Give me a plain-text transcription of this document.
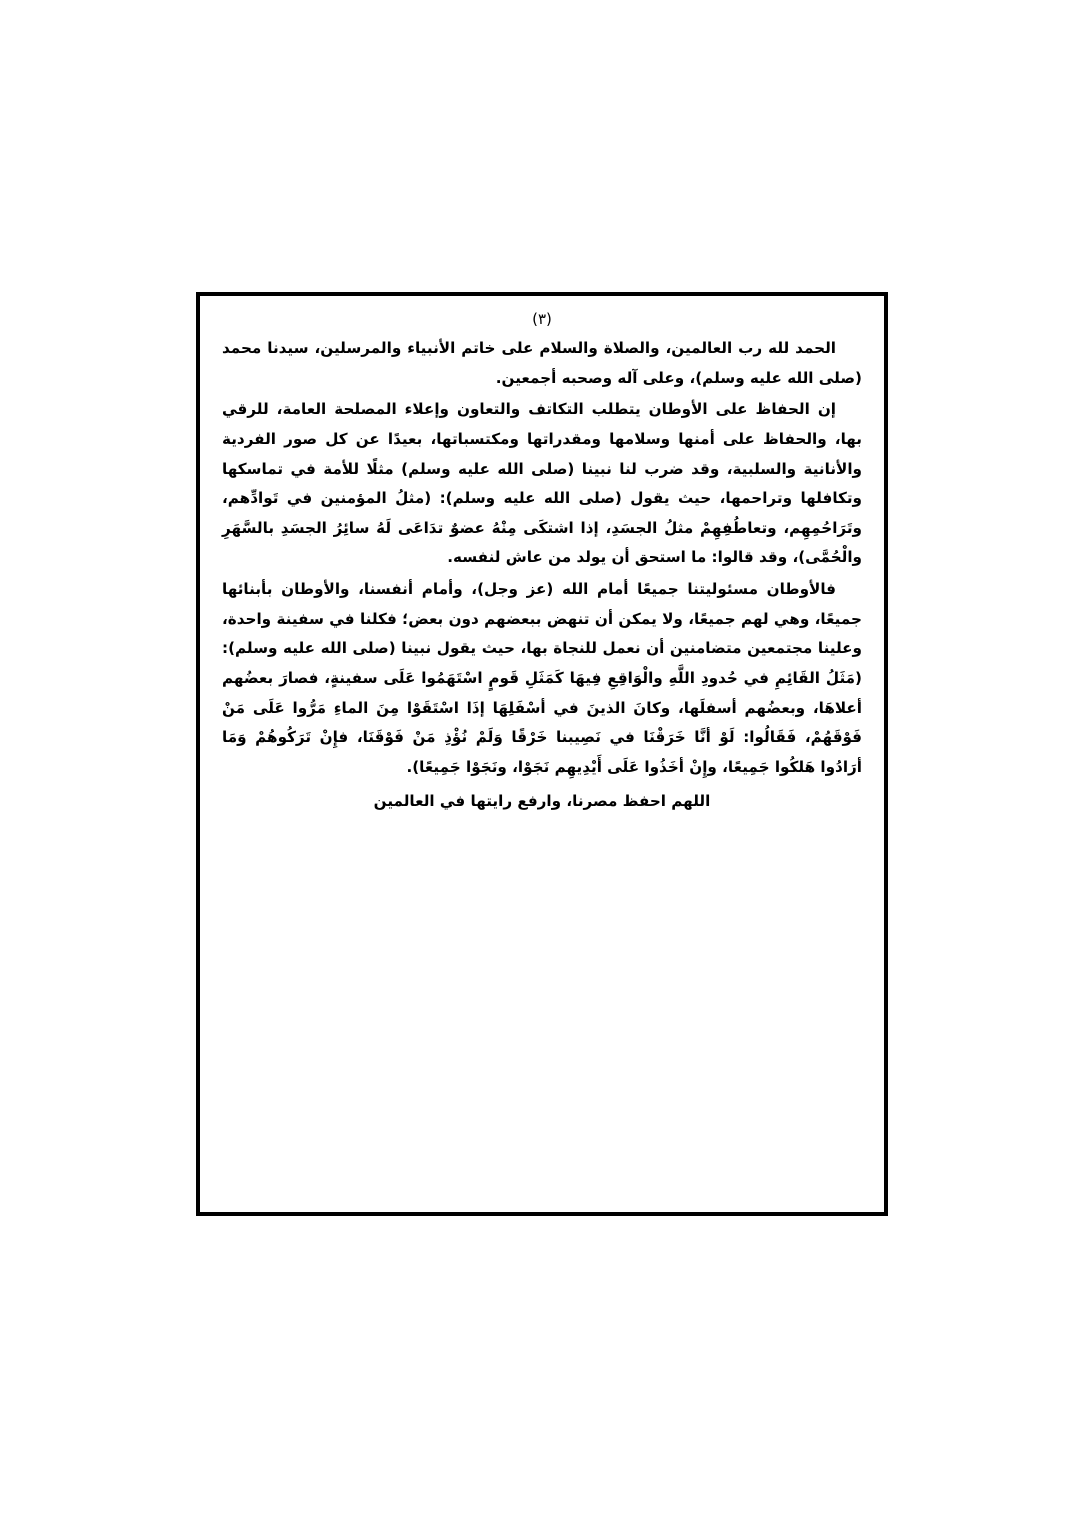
(٣)

الحمد لله رب العالمين، والصلاة والسلام على خاتم الأنبياء والمرسلين، سيدنا محمد (صلى الله عليه وسلم)، وعلى آله وصحبه أجمعين.

إن الحفاظ على الأوطان يتطلب التكاتف والتعاون وإعلاء المصلحة العامة، للرقي بها، والحفاظ على أمنها وسلامها ومقدراتها ومكتسباتها، بعيدًا عن كل صور الفردية والأنانية والسلبية، وقد ضرب لنا نبينا (صلى الله عليه وسلم) مثلًا للأمة في تماسكها وتكافلها وتراحمها، حيث يقول (صلى الله عليه وسلم): (مثلُ المؤمنين في تَوادِّهم، وتَرَاحُمِهِم، وتعاطُفِهِمْ مثلُ الجسَدِ، إذا اشتكَى مِنْهُ عضوٌ تدَاعَى لَهُ سائِرُ الجسَدِ بالسَّهَرِ والْحُمَّى)، وقد قالوا: ما استحق أن يولد من عاش لنفسه.

فالأوطان مسئوليتنا جميعًا أمام الله (عز وجل)، وأمام أنفسنا، والأوطان بأبنائها جميعًا، وهي لهم جميعًا، ولا يمكن أن تنهض ببعضهم دون بعض؛ فكلنا في سفينة واحدة، وعلينا مجتمعين متضامنين أن نعمل للنجاة بها، حيث يقول نبينا (صلى الله عليه وسلم): (مَثَلُ القَائِمِ في حُدودِ اللَّهِ والْوَاقِعِ فِيهَا كَمَثَلِ قَومٍ اسْتَهَمُوا عَلَى سفينةٍ، فصارَ بعضُهم أعلاهَا، وبعضُهم أسفلَها، وكانَ الذينَ في أسْفَلِهَا إذَا اسْتَقَوْا مِنَ الماءِ مَرُّوا عَلَى مَنْ فَوْقَهُمْ، فَقَالُوا: لَوْ أنَّا خَرَقْنَا في نَصِيبنا خَرْقًا وَلَمْ نُؤْذِ مَنْ فَوْقَنَا، فإِنْ تَرَكُوهُمْ وَمَا أرَادُوا هَلكُوا جَمِيعًا، وإِنْ أخَذُوا عَلَى أَيْدِيهِم نَجَوْا، ونَجَوْا جَمِيعًا).

اللهم احفظ مصرنا، وارفع رايتها في العالمين
